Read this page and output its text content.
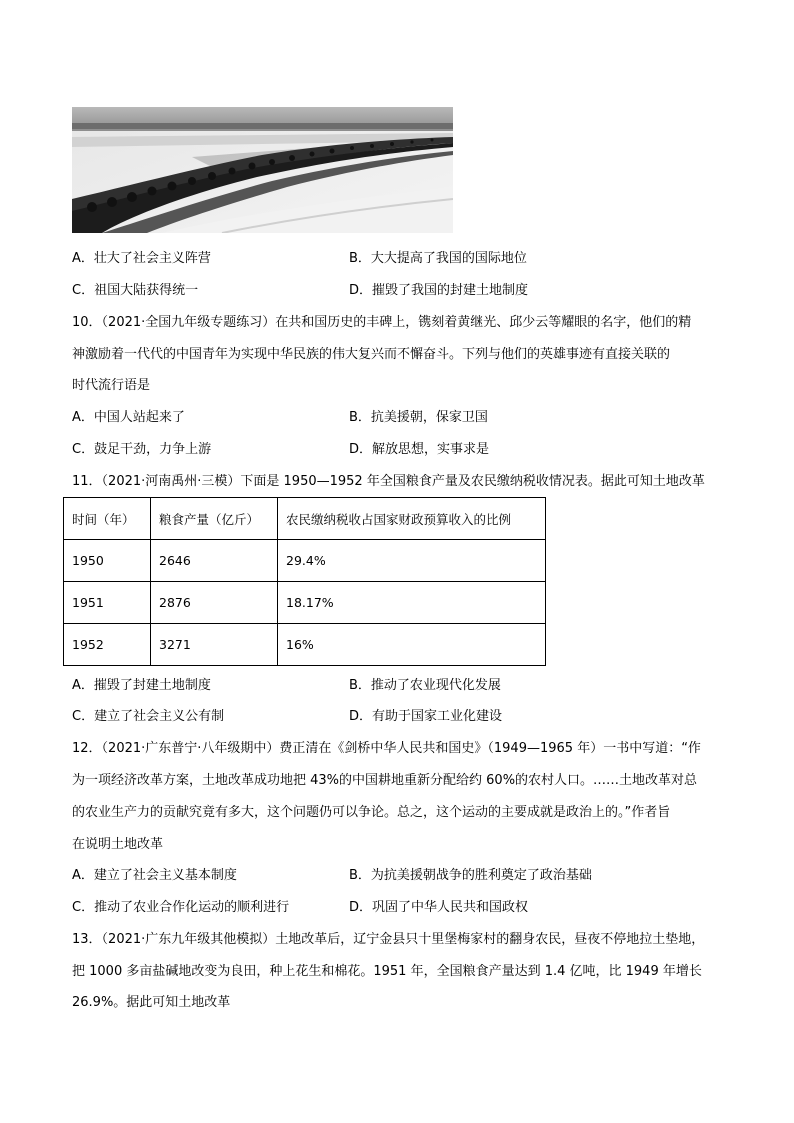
A．壮大了社会主义阵营	B．大大提高了我国的国际地位
C．祖国大陆获得统一	D．摧毁了我国的封建土地制度
10．（2021·全国九年级专题练习）在共和国历史的丰碑上，镌刻着黄继光、邱少云等耀眼的名字，他们的精
神激励着一代代的中国青年为实现中华民族的伟大复兴而不懈奋斗。下列与他们的英雄事迹有直接关联的
时代流行语是
A．中国人站起来了	B．抗美援朝，保家卫国
C．鼓足干劲，力争上游	D．解放思想，实事求是
11．（2021·河南禹州·三模）下面是 1950—1952 年全国粮食产量及农民缴纳税收情况表。据此可知土地改革
时间（年）	粮食产量（亿斤）	农民缴纳税收占国家财政预算收入的比例
1950	2646	29.4%
1951	2876	18.17%
1952	3271	16%
A．摧毁了封建土地制度	B．推动了农业现代化发展
C．建立了社会主义公有制	D．有助于国家工业化建设
12．（2021·广东普宁·八年级期中）费正清在《剑桥中华人民共和国史》（1949—1965 年）一书中写道：“作
为一项经济改革方案，土地改革成功地把 43%的中国耕地重新分配给约 60%的农村人口。……土地改革对总
的农业生产力的贡献究竟有多大，这个问题仍可以争论。总之，这个运动的主要成就是政治上的。”作者旨
在说明土地改革
A．建立了社会主义基本制度	B．为抗美援朝战争的胜利奠定了政治基础
C．推动了农业合作化运动的顺利进行	D．巩固了中华人民共和国政权
13．（2021·广东九年级其他模拟）土地改革后，辽宁金县只十里堡梅家村的翻身农民，昼夜不停地拉土垫地，
把 1000 多亩盐碱地改变为良田，种上花生和棉花。1951 年，全国粮食产量达到 1.4 亿吨，比 1949 年增长
26.9%。据此可知土地改革
